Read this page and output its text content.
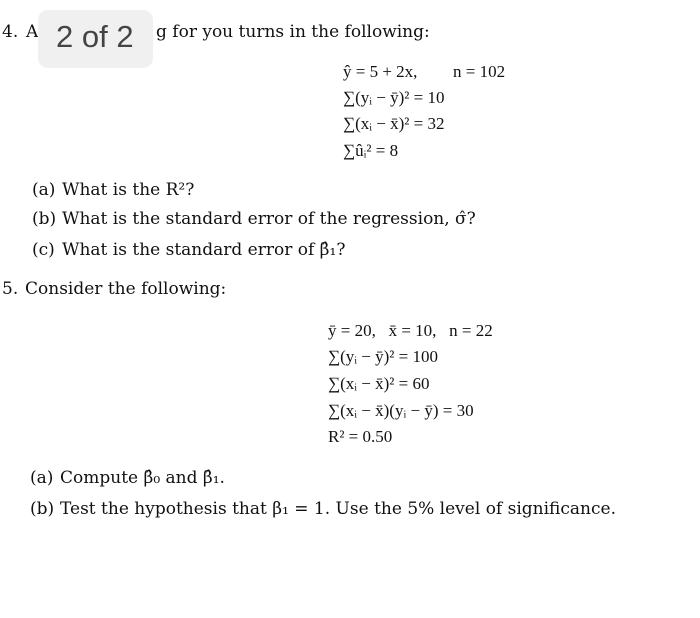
4. A 2 of 2 g for you turns in the following:
ŷ = 5 + 2x, n = 102
∑(yᵢ − ȳ)² = 10
∑(xᵢ − x̄)² = 32
∑ûᵢ² = 8
(a) What is the R²?
(b) What is the standard error of the regression, σ̂?
(c) What is the standard error of β̂₁?
5. Consider the following:
ȳ = 20,   x̄ = 10,   n = 22
∑(yᵢ − ȳ)² = 100
∑(xᵢ − x̄)² = 60
∑(xᵢ − x̄)(yᵢ − ȳ) = 30
R² = 0.50
(a) Compute β̂₀ and β̂₁.
(b) Test the hypothesis that β₁ = 1. Use the 5% level of significance.
